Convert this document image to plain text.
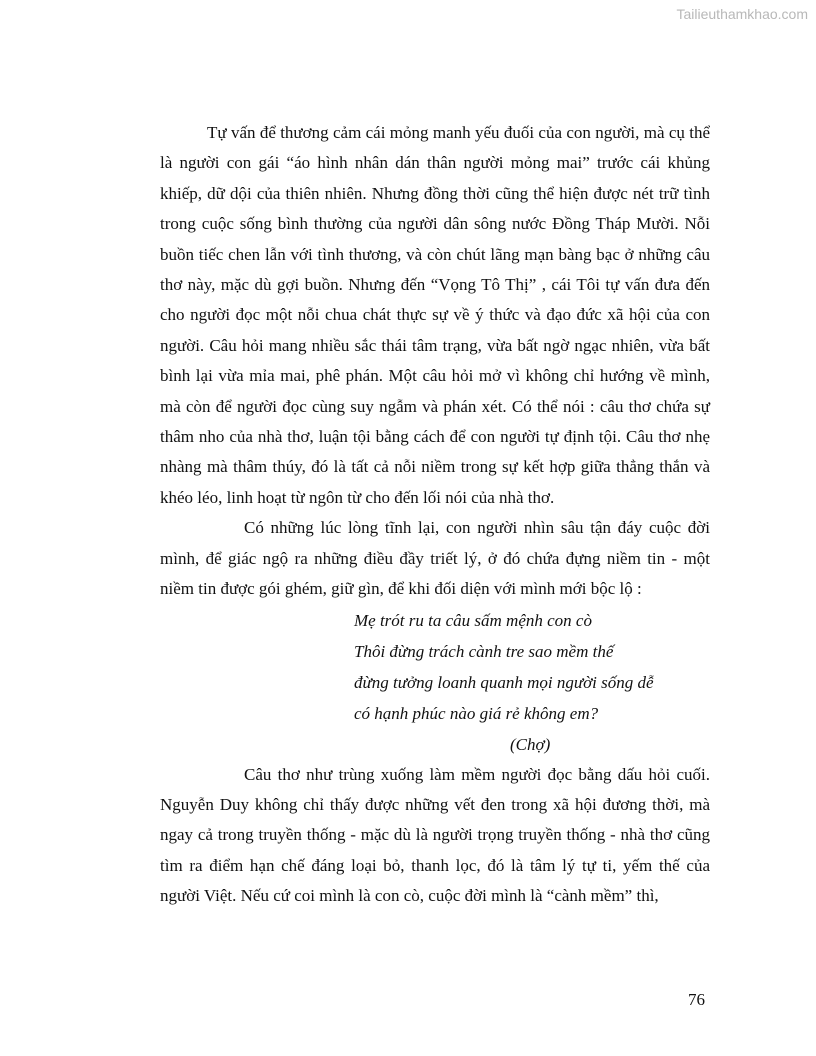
Tailieuthamkhao.com

Tự vấn để thương cảm cái mỏng manh yếu đuối của con người, mà cụ thể là người con gái “áo hình nhân dán thân người mỏng mai” trước cái khủng khiếp, dữ dội của thiên nhiên. Nhưng đồng thời cũng thể hiện được nét trữ tình trong cuộc sống bình thường của người dân sông nước Đồng Tháp Mười. Nỗi buồn tiếc chen lẫn với tình thương, và còn chút lãng mạn bàng bạc ở những câu thơ này, mặc dù gợi buồn. Nhưng đến “Vọng Tô Thị” , cái Tôi tự vấn đưa đến cho người đọc một nỗi chua chát thực sự về ý thức và đạo đức xã hội của con người. Câu hỏi mang nhiều sắc thái tâm trạng, vừa bất ngờ ngạc nhiên, vừa bất bình lại vừa mỉa mai, phê phán. Một câu hỏi mở vì không chỉ hướng về mình, mà còn để người đọc cùng suy ngẫm và phán xét. Có thể nói : câu thơ chứa sự thâm nho của nhà thơ, luận tội bằng cách để con người tự định tội. Câu thơ nhẹ nhàng mà thâm thúy, đó là tất cả nỗi niềm trong sự kết hợp giữa thẳng thắn và khéo léo, linh hoạt từ ngôn từ cho đến lối nói của nhà thơ.

Có những lúc lòng tĩnh lại, con người nhìn sâu tận đáy cuộc đời mình, để giác ngộ ra những điều đầy triết lý, ở đó chứa đựng niềm tin - một niềm tin được gói ghém, giữ gìn, để khi đối diện với mình mới bộc lộ :

Mẹ trót ru ta câu sấm mệnh con cò
Thôi đừng trách cành tre sao mềm thế
đừng tưởng loanh quanh mọi người sống dễ
có hạnh phúc nào giá rẻ không em?
(Chợ)

Câu thơ như trùng xuống làm mềm người đọc bằng dấu hỏi cuối. Nguyễn Duy không chỉ thấy được những vết đen trong xã hội đương thời, mà ngay cả trong truyền thống - mặc dù là người trọng truyền thống - nhà thơ cũng tìm ra điểm hạn chế đáng loại bỏ, thanh lọc, đó là tâm lý tự ti, yếm thế của người Việt. Nếu cứ coi mình là con cò, cuộc đời mình là “cành mềm” thì,

76
